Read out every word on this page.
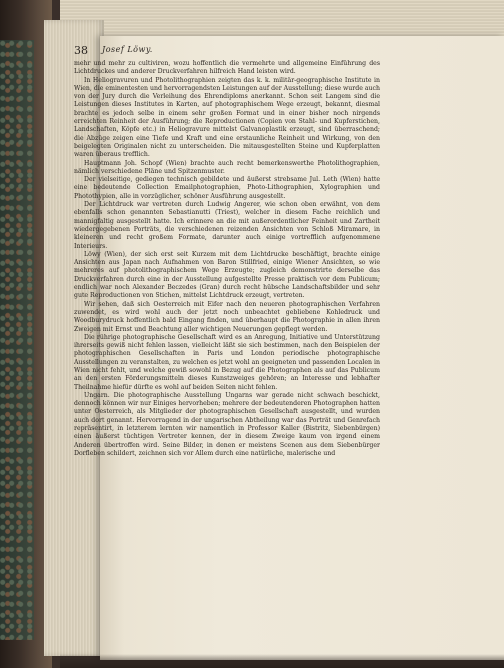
38 Josef Löwy.

mehr und mehr zu cultiviren, wozu hoffentlich die vermehrte und allgemeine Einführung des Lichtdruckes und anderer Druckverfahren hilfreich Hand leisten wird.

In Heliogravuren und Photolithographien zeigten das k. k. militär-geographische Institute in Wien, die eminentesten und hervorragendsten Leistungen auf der Ausstellung; diese wurde auch von der Jury durch die Verleihung des Ehrendiploms anerkannt. Schon seit Langem sind die Leistungen dieses Institutes in Karten, auf photographischem Wege erzeugt, bekannt, diesmal brachte es jedoch selbe in einem sehr großen Format und in einer bisher noch nirgends erreichten Reinheit der Ausführung; die Reproductionen (Copien von Stahl- und Kupferstichen, Landschaften, Köpfe etc.) in Heliogravure mittelst Galvanoplastik erzeugt, sind überraschend; die Abzüge zeigen eine Tiefe und Kraft und eine erstaunliche Reinheit und Wirkung, von den beigelegten Originalen nicht zu unterscheiden. Die mitausgestellten Steine und Kupferplatten waren überaus trefflich.

Hauptmann Joh. Schopf (Wien) brachte auch recht bemerkenswerthe Photolithographien, nämlich verschiedene Pläne und Spitzenmuster.

Der vielseitige, gediegen technisch gebildete und äußerst strebsame Jul. Leth (Wien) hatte eine bedeutende Collection Emailphotographien, Photo-Lithographien, Xylographien und Photothypien, alle in vorzüglicher, schöner Ausführung ausgestellt.

Der Lichtdruck war vertreten durch Ludwig Angerer, wie schon oben erwähnt, von dem ebenfalls schon genannten Sebastianutti (Triest), welcher in diesem Fache reichlich und mannigfaltig ausgestellt hatte. Ich erinnere an die mit außerordentlicher Feinheit und Zartheit wiedergegebenen Porträts, die verschiedenen reizenden Ansichten von Schloß Miramare, in kleineren und recht großem Formate, darunter auch einige vortrefflich aufgenommene Interieurs.

Löwy (Wien), der sich erst seit Kurzem mit dem Lichtdrucke beschäftigt, brachte einige Ansichten aus Japan nach Aufnahmen von Baron Stillfried, einige Wiener Ansichten, so wie mehreres auf photolithographischem Wege Erzeugte; zugleich demonstrirte derselbe das Druckverfahren durch eine in der Ausstellung aufgestellte Presse praktisch vor dem Publicum; endlich war noch Alexander Beczedes (Gran) durch recht hübsche Landschaftsbilder und sehr gute Reproductionen von Stichen, mittelst Lichtdruck erzeugt, vertreten.

Wir sehen, daß sich Oesterreich mit Eifer nach den neueren photographischen Verfahren zuwendet, es wird wohl auch der jetzt noch unbeachtet gebliebene Kohledruck und Woodburydruck hoffentlich bald Eingang finden, und überhaupt die Photographie in allen ihren Zweigen mit Ernst und Beachtung aller wichtigen Neuerungen gepflegt werden.

Die rührige photographische Gesellschaft wird es an Anregung, Initiative und Unterstützung ihrerseits gewiß nicht fehlen lassen, vielleicht läßt sie sich bestimmen, nach den Beispielen der photographischen Gesellschaften in Paris und London periodische photographische Ausstellungen zu veranstalten, zu welchen es jetzt wohl an geeigneten und passenden Localen in Wien nicht fehlt, und welche gewiß sowohl in Bezug auf die Photographen als auf das Publicum an den ersten Förderungsmitteln dieses Kunstzweiges gehören; an Interesse und lebhafter Theilnahme hiefür dürfte es wohl auf beiden Seiten nicht fehlen.

Ungarn. Die photographische Ausstellung Ungarns war gerade nicht schwach beschickt, dennoch können wir nur Einiges hervorheben; mehrere der bedeutenderen Photographen hatten unter Oesterreich, als Mitglieder der photographischen Gesellschaft ausgestellt, und wurden auch dort genannt. Hervorragend in der ungarischen Abtheilung war das Porträt und Genrefach repräsentirt, in letzterem lernten wir namentlich in Professor Kaller (Bistritz, Siebenbürgen) einen äußerst tüchtigen Vertreter kennen, der in diesem Zweige kaum von irgend einem Anderen übertroffen wird. Seine Bilder, in denen er meistens Scenen aus dem Siebenbürger Dorfleben schildert, zeichnen sich vor Allem durch eine natürliche, malerische und
